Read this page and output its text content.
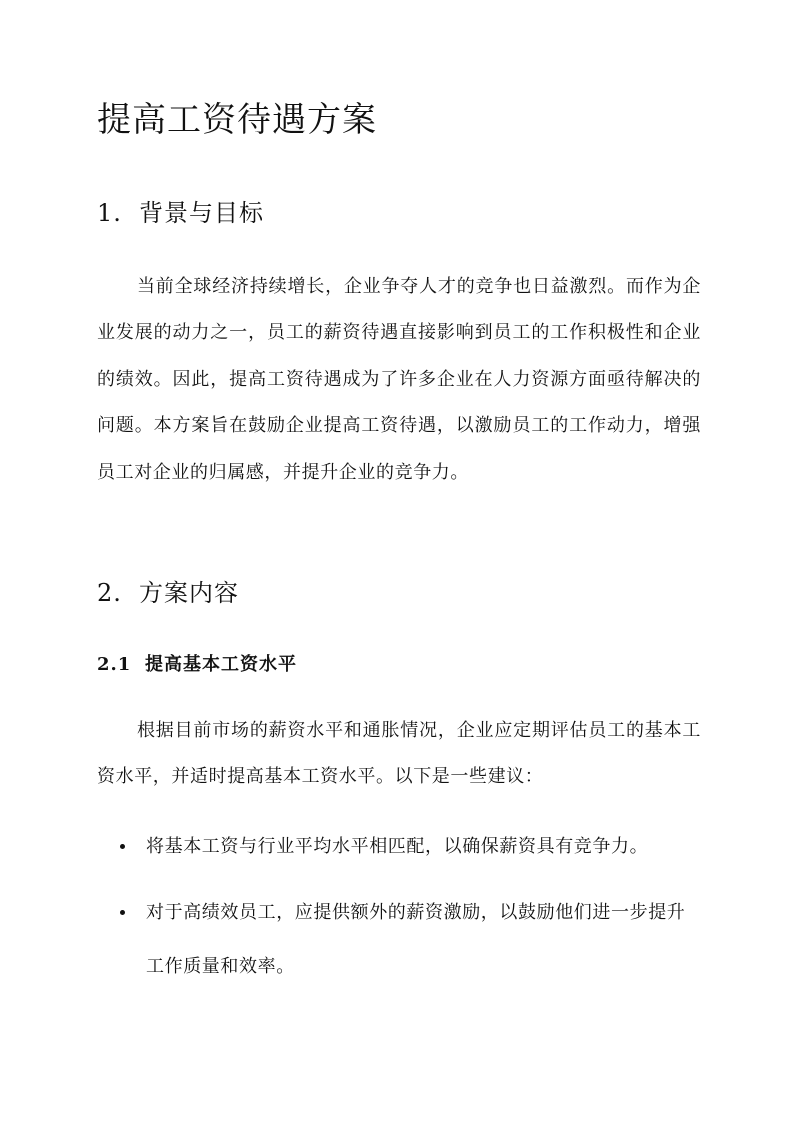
提高工资待遇方案
1. 背景与目标

当前全球经济持续增长，企业争夺人才的竞争也日益激烈。而作为企业发展的动力之一，员工的薪资待遇直接影响到员工的工作积极性和企业的绩效。因此，提高工资待遇成为了许多企业在人力资源方面亟待解决的问题。本方案旨在鼓励企业提高工资待遇，以激励员工的工作动力，增强员工对企业的归属感，并提升企业的竞争力。

2. 方案内容
2.1 提高基本工资水平

根据目前市场的薪资水平和通胀情况，企业应定期评估员工的基本工资水平，并适时提高基本工资水平。以下是一些建议：

将基本工资与行业平均水平相匹配，以确保薪资具有竞争力。
对于高绩效员工，应提供额外的薪资激励，以鼓励他们进一步提升工作质量和效率。
